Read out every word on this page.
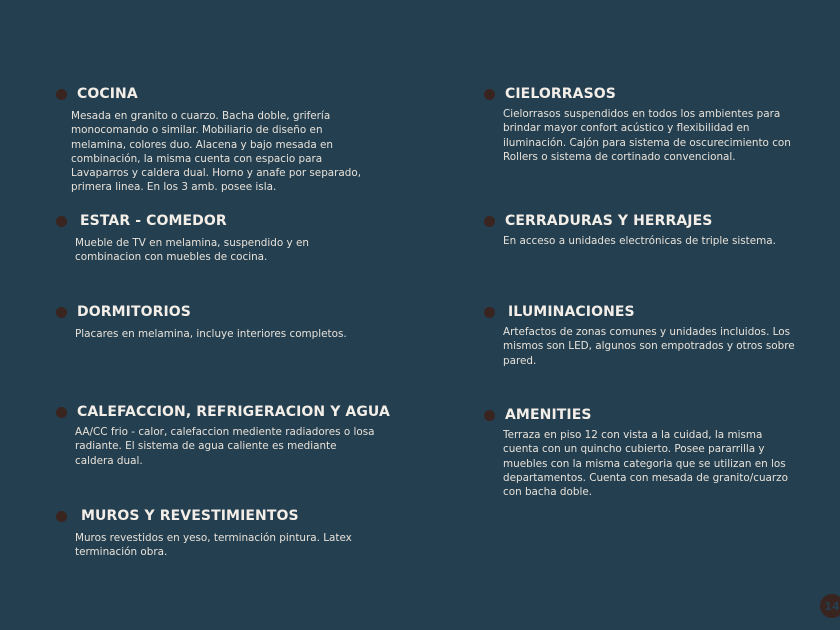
COCINA
Mesada en granito o cuarzo. Bacha doble, grifería monocomando o similar. Mobiliario de diseño en melamina, colores duo. Alacena y bajo mesada en combinación, la misma cuenta con espacio para Lavaparros y caldera dual. Horno y anafe por separado, primera linea. En los 3 amb. posee isla.
ESTAR - COMEDOR
Mueble de TV en melamina, suspendido y en combinacion con muebles de cocina.
DORMITORIOS
Placares en melamina, incluye interiores completos.
CALEFACCION, REFRIGERACION Y AGUA
AA/CC frio - calor, calefaccion mediente radiadores o losa radiante. El sistema de agua caliente es mediante caldera dual.
MUROS Y REVESTIMIENTOS
Muros revestidos en yeso, terminación pintura. Latex terminación obra.
CIELORRASOS
Cielorrasos suspendidos en todos los ambientes para brindar mayor confort acústico y flexibilidad en iluminación. Cajón para sistema de oscurecimiento con Rollers o sistema de cortinado convencional.
CERRADURAS Y HERRAJES
En acceso a unidades electrónicas de triple sistema.
ILUMINACIONES
Artefactos de zonas comunes y unidades incluidos. Los mismos son LED, algunos son empotrados y otros sobre pared.
AMENITIES
Terraza en piso 12 con vista a la cuidad, la misma cuenta con un quincho cubierto. Posee pararrilla y muebles con la misma categoria que se utilizan en los departamentos. Cuenta con mesada de granito/cuarzo con bacha doble.
14
